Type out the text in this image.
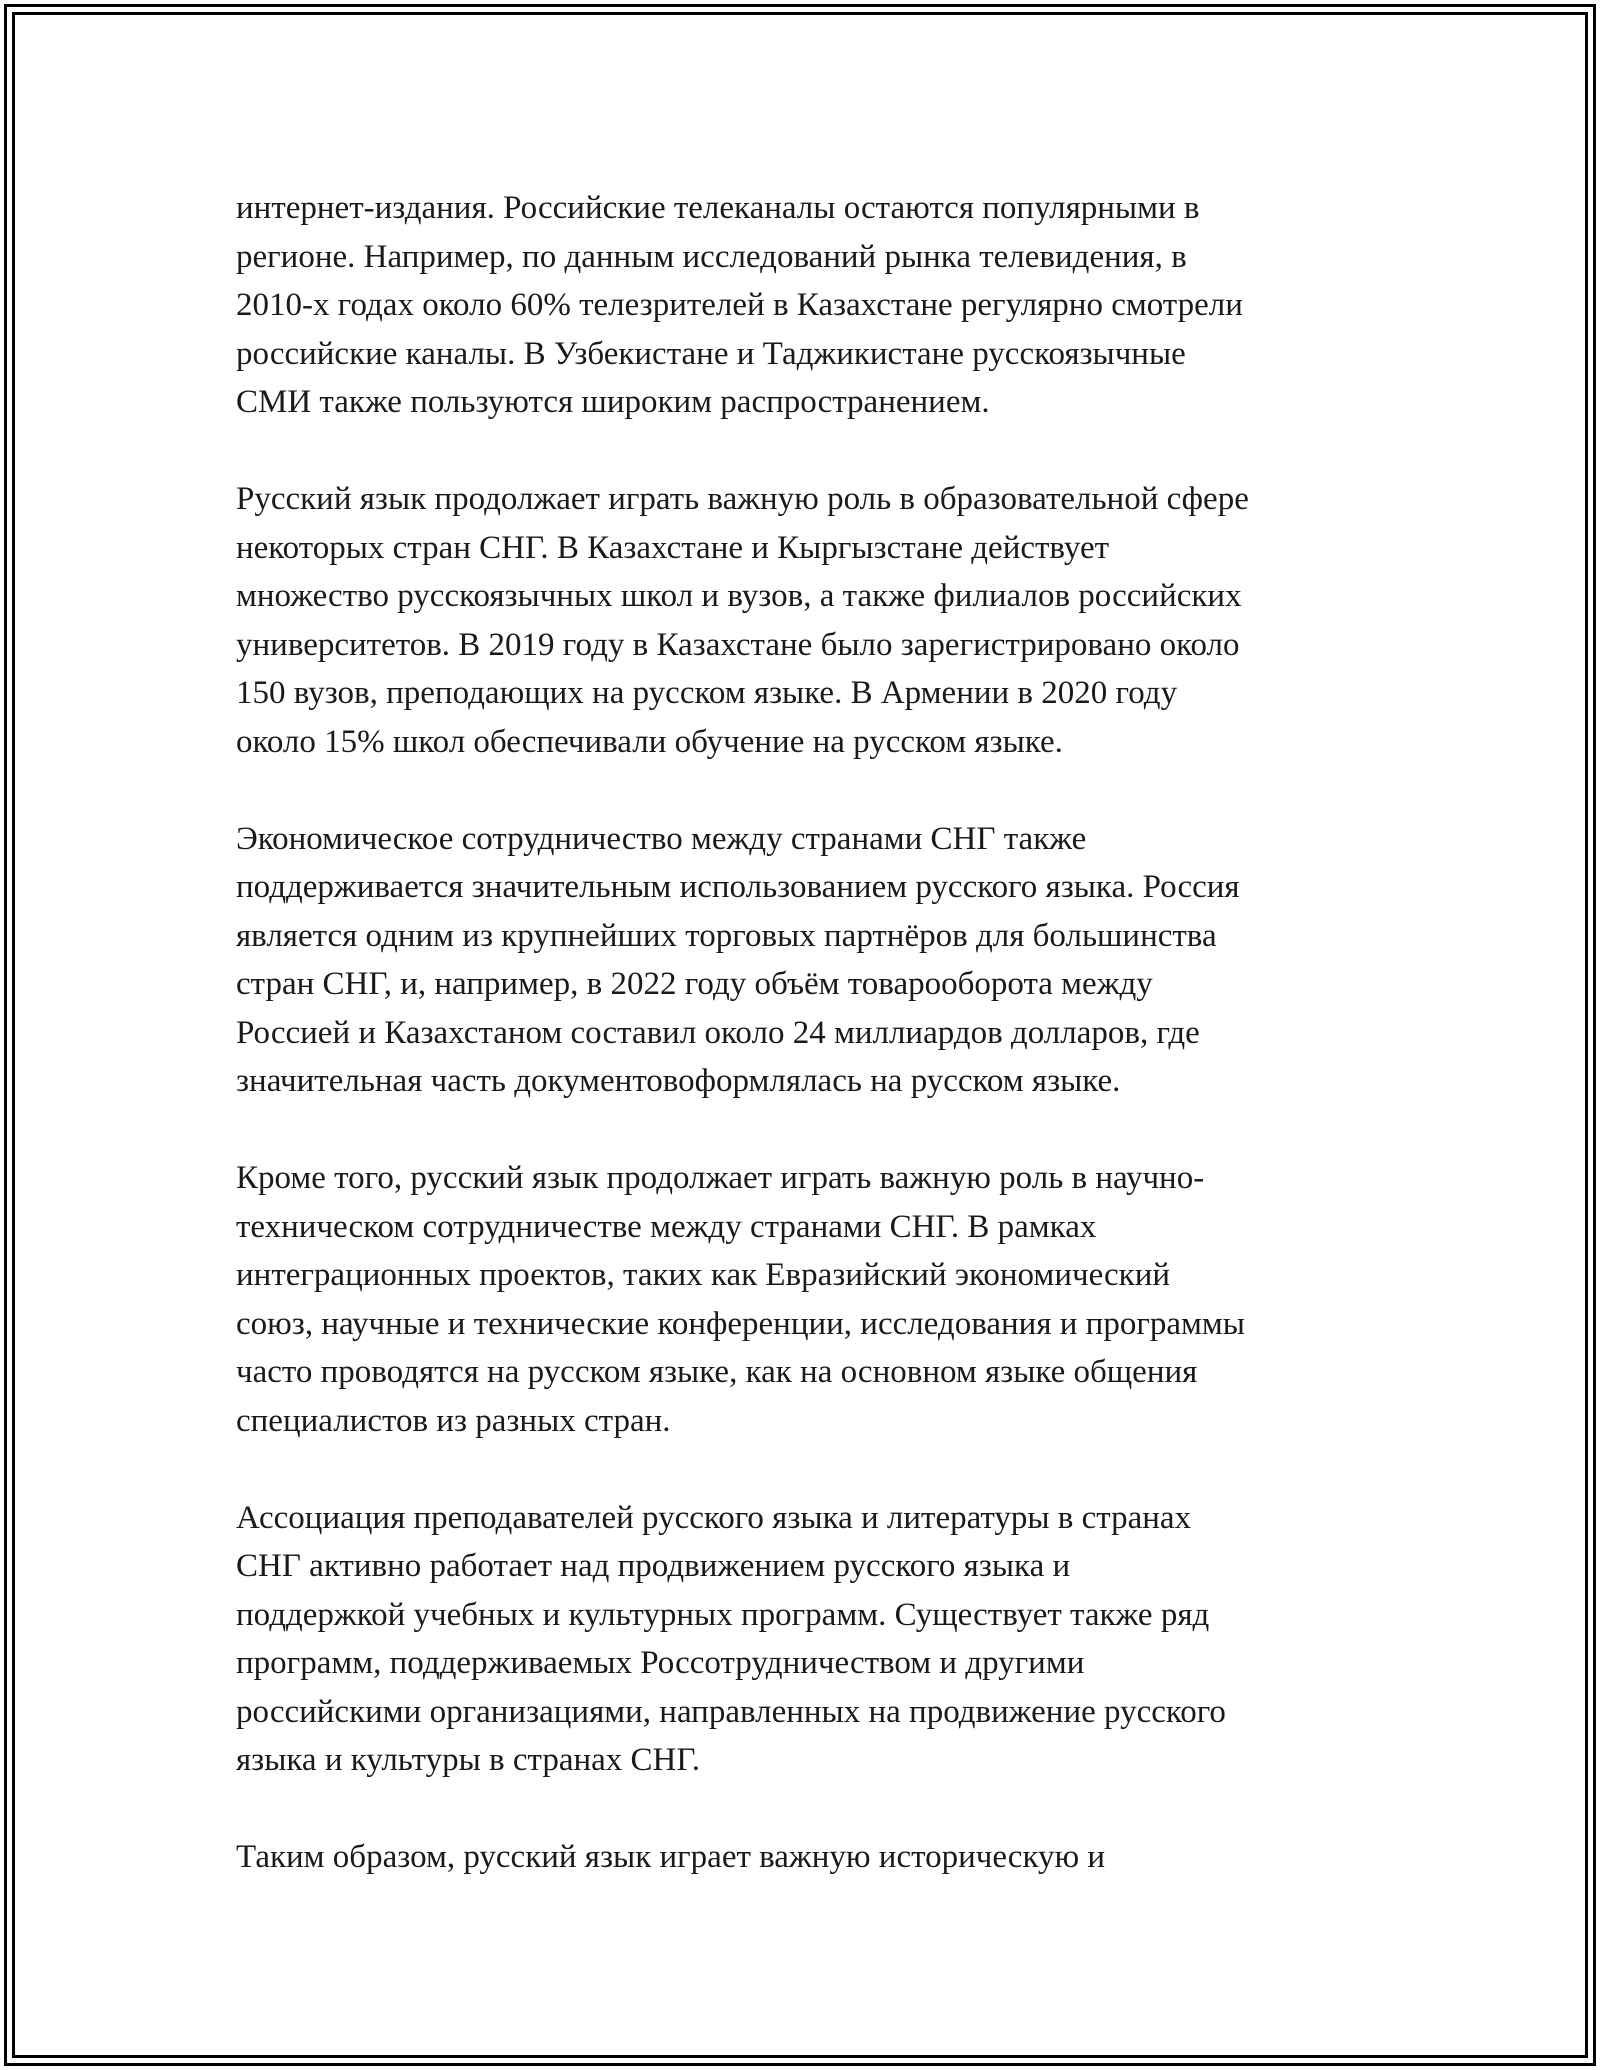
интернет-издания. Российские телеканалы остаются популярными в
регионе. Например, по данным исследований рынка телевидения, в
2010-х годах около 60% телезрителей в Казахстане регулярно смотрели
российские каналы. В Узбекистане и Таджикистане русскоязычные
СМИ также пользуются широким распространением.

Русский язык продолжает играть важную роль в образовательной сфере
некоторых стран СНГ. В Казахстане и Кыргызстане действует
множество русскоязычных школ и вузов, а также филиалов российских
университетов. В 2019 году в Казахстане было зарегистрировано около
150 вузов, преподающих на русском языке. В Армении в 2020 году
около 15% школ обеспечивали обучение на русском языке.

Экономическое сотрудничество между странами СНГ также
поддерживается значительным использованием русского языка. Россия
является одним из крупнейших торговых партнёров для большинства
стран СНГ, и, например, в 2022 году объём товарооборота между
Россией и Казахстаном составил около 24 миллиардов долларов, где
значительная часть документовоформлялась на русском языке.

Кроме того, русский язык продолжает играть важную роль в научно-
техническом сотрудничестве между странами СНГ. В рамках
интеграционных проектов, таких как Евразийский экономический
союз, научные и технические конференции, исследования и программы
часто проводятся на русском языке, как на основном языке общения
специалистов из разных стран.

Ассоциация преподавателей русского языка и литературы в странах
СНГ активно работает над продвижением русского языка и
поддержкой учебных и культурных программ. Существует также ряд
программ, поддерживаемых Россотрудничеством и другими
российскими организациями, направленных на продвижение русского
языка и культуры в странах СНГ.

Таким образом, русский язык играет важную историческую и
